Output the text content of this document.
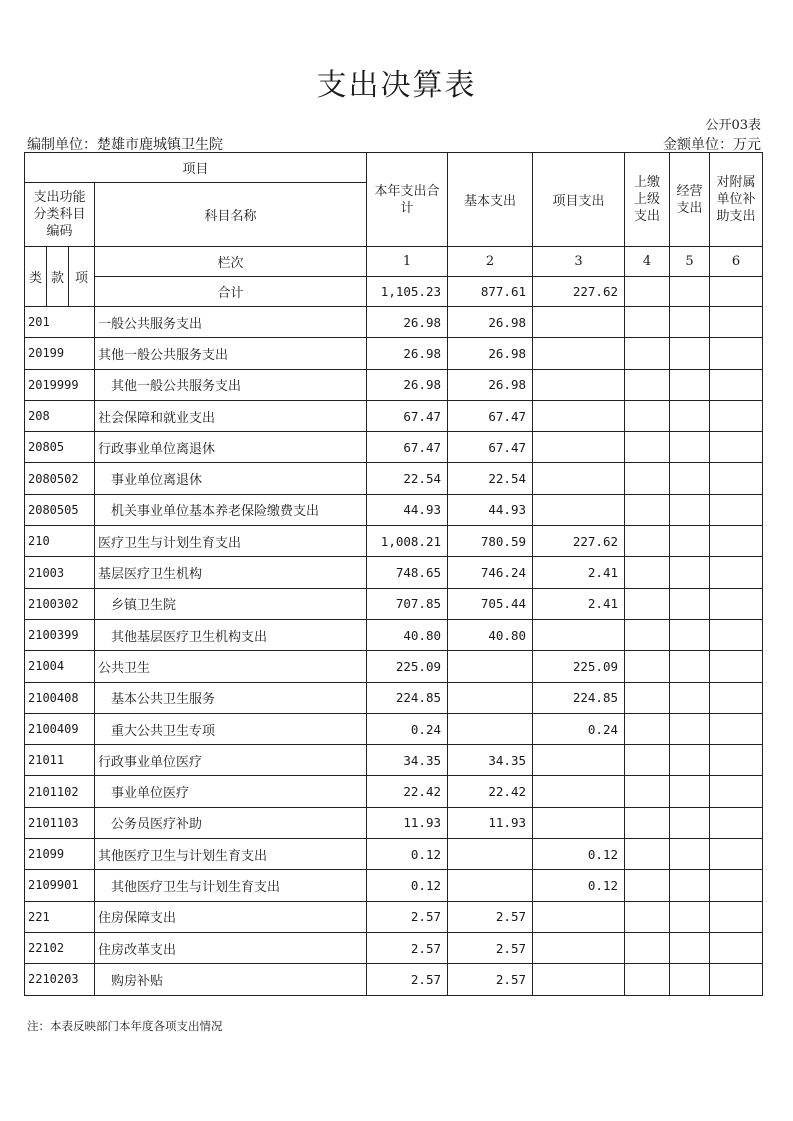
支出决算表
公开03表
编制单位：楚雄市鹿城镇卫生院	金额单位：万元
项目				本年支出合计	基本支出	项目支出	上缴上级支出	经营支出	对附属单位补助支出
支出功能分类科目编码			科目名称						
类	款	项	栏次	1	2	3	4	5	6
			合计	1,105.23	877.61	227.62			
201			一般公共服务支出	26.98	26.98				
20199			其他一般公共服务支出	26.98	26.98				
2019999			其他一般公共服务支出	26.98	26.98				
208			社会保障和就业支出	67.47	67.47				
20805			行政事业单位离退休	67.47	67.47				
2080502			事业单位离退休	22.54	22.54				
2080505			机关事业单位基本养老保险缴费支出	44.93	44.93				
210			医疗卫生与计划生育支出	1,008.21	780.59	227.62			
21003			基层医疗卫生机构	748.65	746.24	2.41			
2100302			乡镇卫生院	707.85	705.44	2.41			
2100399			其他基层医疗卫生机构支出	40.80	40.80				
21004			公共卫生	225.09		225.09			
2100408			基本公共卫生服务	224.85		224.85			
2100409			重大公共卫生专项	0.24		0.24			
21011			行政事业单位医疗	34.35	34.35				
2101102			事业单位医疗	22.42	22.42				
2101103			公务员医疗补助	11.93	11.93				
21099			其他医疗卫生与计划生育支出	0.12		0.12			
2109901			其他医疗卫生与计划生育支出	0.12		0.12			
221			住房保障支出	2.57	2.57				
22102			住房改革支出	2.57	2.57				
2210203			购房补贴	2.57	2.57				
注：本表反映部门本年度各项支出情况
